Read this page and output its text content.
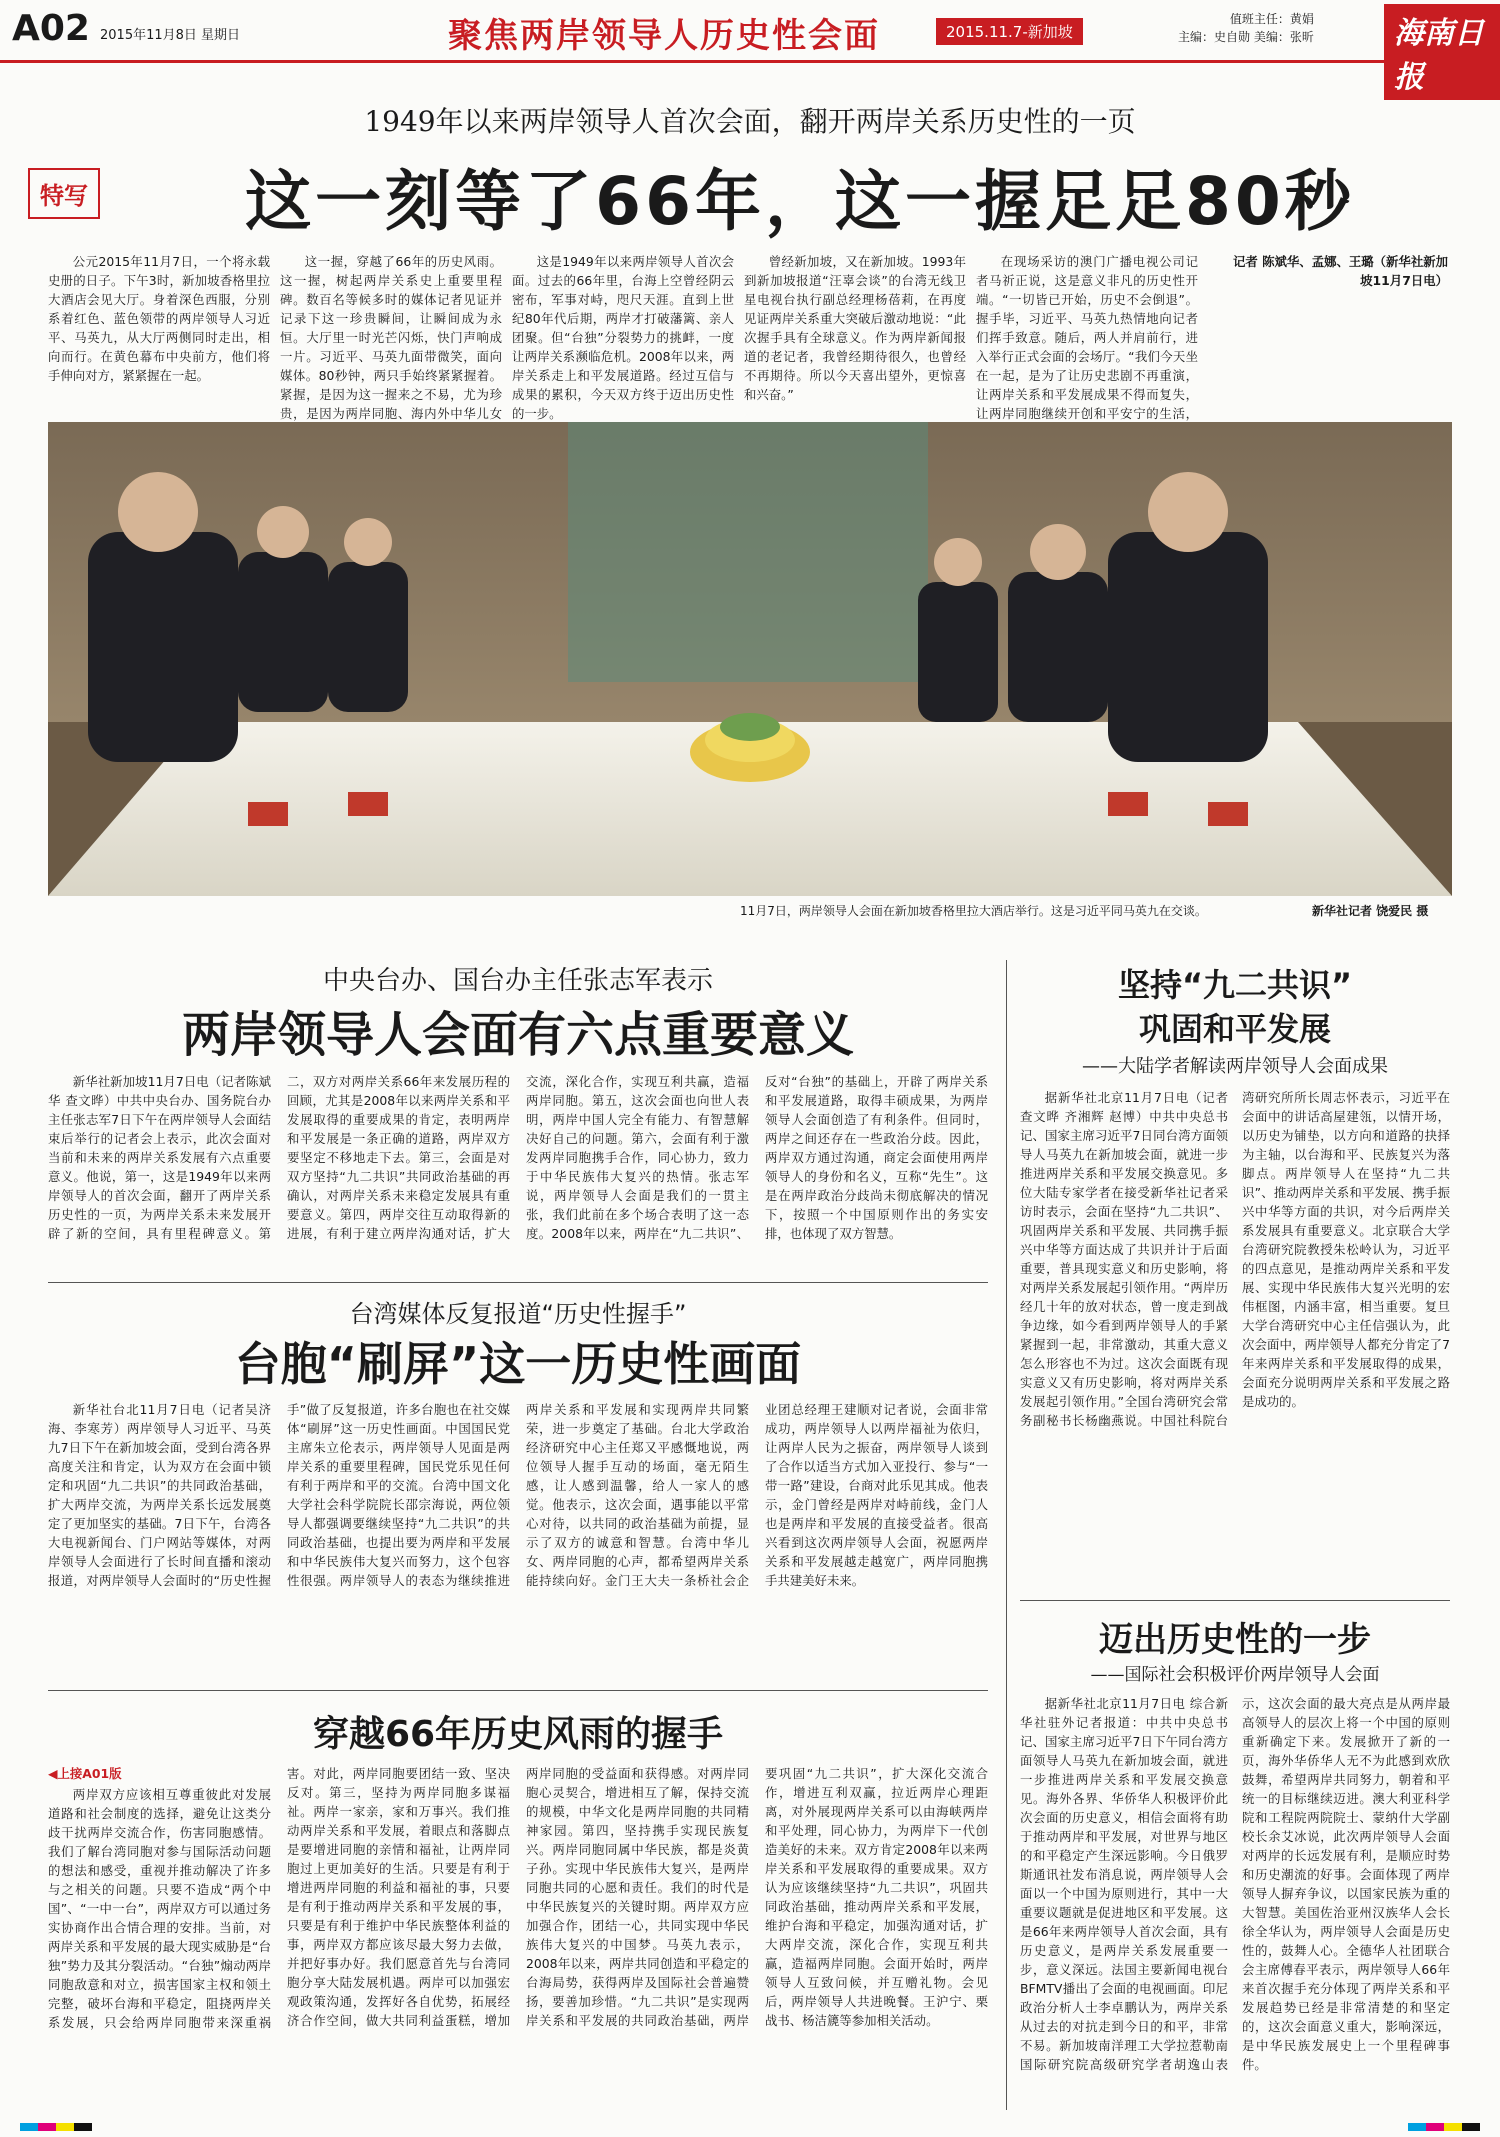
A02 2015年11月8日 星期日	聚焦两岸领导人历史性会面	2015.11.7-新加坡
值班主任：黄娟
主编：史自勋 美编：张昕	海南日报
1949年以来两岸领导人首次会面，翻开两岸关系历史性的一页
特写	这一刻等了66年，这一握足足80秒

公元2015年11月7日，一个将永载史册的日子。下午3时，新加坡香格里拉大酒店会见大厅。身着深色西服，分别系着红色、蓝色领带的两岸领导人习近平、马英九，从大厅两侧同时走出，相向而行。在黄色幕布中央前方，他们将手伸向对方，紧紧握在一起。

这一握，穿越了66年的历史风雨。这一握，树起两岸关系史上重要里程碑。数百名等候多时的媒体记者见证并记录下这一珍贵瞬间，让瞬间成为永恒。大厅里一时光芒闪烁，快门声响成一片。习近平、马英九面带微笑，面向媒体。80秒钟，两只手始终紧紧握着。紧握，是因为这一握来之不易，尤为珍贵，是因为两岸同胞、海内外中华儿女

这是1949年以来两岸领导人首次会面。过去的66年里，台海上空曾经阴云密布，军事对峙，咫尺天涯。直到上世纪80年代后期，两岸才打破藩篱、亲人团聚。但“台独”分裂势力的挑衅，一度让两岸关系濒临危机。2008年以来，两岸关系走上和平发展道路。经过互信与成果的累积，今天双方终于迈出历史性的一步。

曾经新加坡，又在新加坡。1993年到新加坡报道“汪辜会谈”的台湾无线卫星电视台执行副总经理杨蓓莉，在再度见证两岸关系重大突破后激动地说：“此次握手具有全球意义。作为两岸新闻报道的老记者，我曾经期待很久，也曾经不再期待。所以今天喜出望外，更惊喜和兴奋。”

在现场采访的澳门广播电视公司记者马祈正说，这是意义非凡的历史性开端。“一切皆已开始，历史不会倒退”。握手毕，习近平、马英九热情地向记者们挥手致意。随后，两人并肩前行，进入举行正式会面的会场厅。“我们今天坐在一起，是为了让历史悲剧不再重演，让两岸关系和平发展成果不得而复失，让两岸同胞继续开创和平安宁的生活，

记者 陈斌华、孟娜、王璐（新华社新加坡11月7日电）

11月7日，两岸领导人会面在新加坡香格里拉大酒店举行。这是习近平同马英九在交谈。	新华社记者 饶爱民 摄
中央台办、国台办主任张志军表示
两岸领导人会面有六点重要意义

新华社新加坡11月7日电（记者陈斌华 查文晔）中共中央台办、国务院台办主任张志军7日下午在两岸领导人会面结束后举行的记者会上表示，此次会面对当前和未来的两岸关系发展有六点重要意义。他说，第一，这是1949年以来两岸领导人的首次会面，翻开了两岸关系历史性的一页，为两岸关系未来发展开辟了新的空间，具有里程碑意义。第二，双方对两岸关系66年来发展历程的回顾，尤其是2008年以来两岸关系和平发展取得的重要成果的肯定，表明两岸和平发展是一条正确的道路，两岸双方要坚定不移地走下去。第三，会面是对双方坚持“九二共识”共同政治基础的再确认，对两岸关系未来稳定发展具有重要意义。第四，两岸交往互动取得新的进展，有利于建立两岸沟通对话，扩大交流，深化合作，实现互利共赢，造福两岸同胞。第五，这次会面也向世人表明，两岸中国人完全有能力、有智慧解决好自己的问题。第六，会面有利于激发两岸同胞携手合作，同心协力，致力于中华民族伟大复兴的热情。张志军说，两岸领导人会面是我们的一贯主张，我们此前在多个场合表明了这一态度。2008年以来，两岸在“九二共识”、反对“台独”的基础上，开辟了两岸关系和平发展道路，取得丰硕成果，为两岸领导人会面创造了有利条件。但同时，两岸之间还存在一些政治分歧。因此，两岸双方通过沟通，商定会面使用两岸领导人的身份和名义，互称“先生”。这是在两岸政治分歧尚未彻底解决的情况下，按照一个中国原则作出的务实安排，也体现了双方智慧。

台湾媒体反复报道“历史性握手”
台胞“刷屏”这一历史性画面

新华社台北11月7日电（记者吴济海、李寒芳）两岸领导人习近平、马英九7日下午在新加坡会面，受到台湾各界高度关注和肯定，认为双方在会面中锁定和巩固“九二共识”的共同政治基础，扩大两岸交流，为两岸关系长远发展奠定了更加坚实的基础。7日下午，台湾各大电视新闻台、门户网站等媒体，对两岸领导人会面进行了长时间直播和滚动报道，对两岸领导人会面时的“历史性握手”做了反复报道，许多台胞也在社交媒体“刷屏”这一历史性画面。中国国民党主席朱立伦表示，两岸领导人见面是两岸关系的重要里程碑，国民党乐见任何有利于两岸和平的交流。台湾中国文化大学社会科学院院长邵宗海说，两位领导人都强调要继续坚持“九二共识”的共同政治基础，也提出要为两岸和平发展和中华民族伟大复兴而努力，这个包容性很强。两岸领导人的表态为继续推进两岸关系和平发展和实现两岸共同繁荣，进一步奠定了基础。台北大学政治经济研究中心主任郑又平感慨地说，两位领导人握手互动的场面，毫无陌生感，让人感到温馨，给人一家人的感觉。他表示，这次会面，遇事能以平常心对待，以共同的政治基础为前提，显示了双方的诚意和智慧。台湾中华儿女、两岸同胞的心声，都希望两岸关系能持续向好。金门王大夫一条桥社会企业团总经理王建顺对记者说，会面非常成功，两岸领导人以两岸福祉为依归，让两岸人民为之振奋，两岸领导人谈到了合作以适当方式加入亚投行、参与“一带一路”建设，台商对此乐见其成。他表示，金门曾经是两岸对峙前线，金门人也是两岸和平发展的直接受益者。很高兴看到这次两岸领导人会面，祝愿两岸关系和平发展越走越宽广，两岸同胞携手共建美好未来。

穿越66年历史风雨的握手

◀上接A01版

两岸双方应该相互尊重彼此对发展道路和社会制度的选择，避免让这类分歧干扰两岸交流合作，伤害同胞感情。我们了解台湾同胞对参与国际活动问题的想法和感受，重视并推动解决了许多与之相关的问题。只要不造成“两个中国”、“一中一台”，两岸双方可以通过务实协商作出合情合理的安排。当前，对两岸关系和平发展的最大现实威胁是“台独”势力及其分裂活动。“台独”煽动两岸同胞敌意和对立，损害国家主权和领土完整，破坏台海和平稳定，阻挠两岸关系发展，只会给两岸同胞带来深重祸害。对此，两岸同胞要团结一致、坚决反对。第三，坚持为两岸同胞多谋福祉。两岸一家亲，家和万事兴。我们推动两岸关系和平发展，着眼点和落脚点是要增进同胞的亲情和福祉，让两岸同胞过上更加美好的生活。只要是有利于增进两岸同胞的利益和福祉的事，只要是有利于推动两岸关系和平发展的事，只要是有利于维护中华民族整体利益的事，两岸双方都应该尽最大努力去做，并把好事办好。我们愿意首先与台湾同胞分享大陆发展机遇。两岸可以加强宏观政策沟通，发挥好各自优势，拓展经济合作空间，做大共同利益蛋糕，增加两岸同胞的受益面和获得感。对两岸同胞心灵契合，增进相互了解，保持交流的规模，中华文化是两岸同胞的共同精神家园。第四，坚持携手实现民族复兴。两岸同胞同属中华民族，都是炎黄子孙。实现中华民族伟大复兴，是两岸同胞共同的心愿和责任。我们的时代是中华民族复兴的关键时期。两岸双方应加强合作，团结一心，共同实现中华民族伟大复兴的中国梦。马英九表示，2008年以来，两岸共同创造和平稳定的台海局势，获得两岸及国际社会普遍赞扬，要善加珍惜。“九二共识”是实现两岸关系和平发展的共同政治基础，两岸要巩固“九二共识”，扩大深化交流合作，增进互利双赢，拉近两岸心理距离，对外展现两岸关系可以由海峡两岸和平处理，同心协力，为两岸下一代创造美好的未来。双方肯定2008年以来两岸关系和平发展取得的重要成果。双方认为应该继续坚持“九二共识”，巩固共同政治基础，推动两岸关系和平发展，维护台海和平稳定，加强沟通对话，扩大两岸交流，深化合作，实现互利共赢，造福两岸同胞。会面开始时，两岸领导人互致问候，并互赠礼物。会见后，两岸领导人共进晚餐。王沪宁、栗战书、杨洁篪等参加相关活动。

坚持“九二共识”
巩固和平发展
——大陆学者解读两岸领导人会面成果

据新华社北京11月7日电（记者查文晔 齐湘辉 赵博）中共中央总书记、国家主席习近平7日同台湾方面领导人马英九在新加坡会面，就进一步推进两岸关系和平发展交换意见。多位大陆专家学者在接受新华社记者采访时表示，会面在坚持“九二共识”、巩固两岸关系和平发展、共同携手振兴中华等方面达成了共识并计于后面重要，普具现实意义和历史影响，将对两岸关系发展起引领作用。“两岸历经几十年的放对状态，曾一度走到战争边缘，如今看到两岸领导人的手紧紧握到一起，非常激动，其重大意义怎么形容也不为过。这次会面既有现实意义又有历史影响，将对两岸关系发展起引领作用。”全国台湾研究会常务副秘书长杨幽燕说。中国社科院台湾研究所所长周志怀表示，习近平在会面中的讲话高屋建瓴，以情开场，以历史为铺垫，以方向和道路的抉择为主轴，以台海和平、民族复兴为落脚点。两岸领导人在坚持“九二共识”、推动两岸关系和平发展、携手振兴中华等方面的共识，对今后两岸关系发展具有重要意义。北京联合大学台湾研究院教授朱松岭认为，习近平的四点意见，是推动两岸关系和平发展、实现中华民族伟大复兴光明的宏伟框图，内涵丰富，相当重要。复旦大学台湾研究中心主任信强认为，此次会面中，两岸领导人都充分肯定了7年来两岸关系和平发展取得的成果，会面充分说明两岸关系和平发展之路是成功的。

迈出历史性的一步
——国际社会积极评价两岸领导人会面

据新华社北京11月7日电 综合新华社驻外记者报道：中共中央总书记、国家主席习近平7日下午同台湾方面领导人马英九在新加坡会面，就进一步推进两岸关系和平发展交换意见。海外各界、华侨华人积极评价此次会面的历史意义，相信会面将有助于推动两岸和平发展，对世界与地区的和平稳定产生深远影响。今日俄罗斯通讯社发布消息说，两岸领导人会面以一个中国为原则进行，其中一大重要议题就是促进地区和平发展。这是66年来两岸领导人首次会面，具有历史意义，是两岸关系发展重要一步，意义深远。法国主要新闻电视台BFMTV播出了会面的电视画面。印尼政治分析人士李卓鹏认为，两岸关系从过去的对抗走到今日的和平，非常不易。新加坡南洋理工大学拉惹勒南国际研究院高级研究学者胡逸山表示，这次会面的最大亮点是从两岸最高领导人的层次上将一个中国的原则重新确定下来。发展掀开了新的一页，海外华侨华人无不为此感到欢欣鼓舞，希望两岸共同努力，朝着和平统一的目标继续迈进。澳大利亚科学院和工程院两院院士、蒙纳什大学副校长余艾冰说，此次两岸领导人会面对两岸的长远发展有利，是顺应时势和历史潮流的好事。会面体现了两岸领导人摒弃争议，以国家民族为重的大智慧。美国佐治亚州汉族华人会长徐全华认为，两岸领导人会面是历史性的，鼓舞人心。全德华人社团联合会主席傅春平表示，两岸领导人66年来首次握手充分体现了两岸关系和平发展趋势已经是非常清楚的和坚定的，这次会面意义重大，影响深远，是中华民族发展史上一个里程碑事件。
